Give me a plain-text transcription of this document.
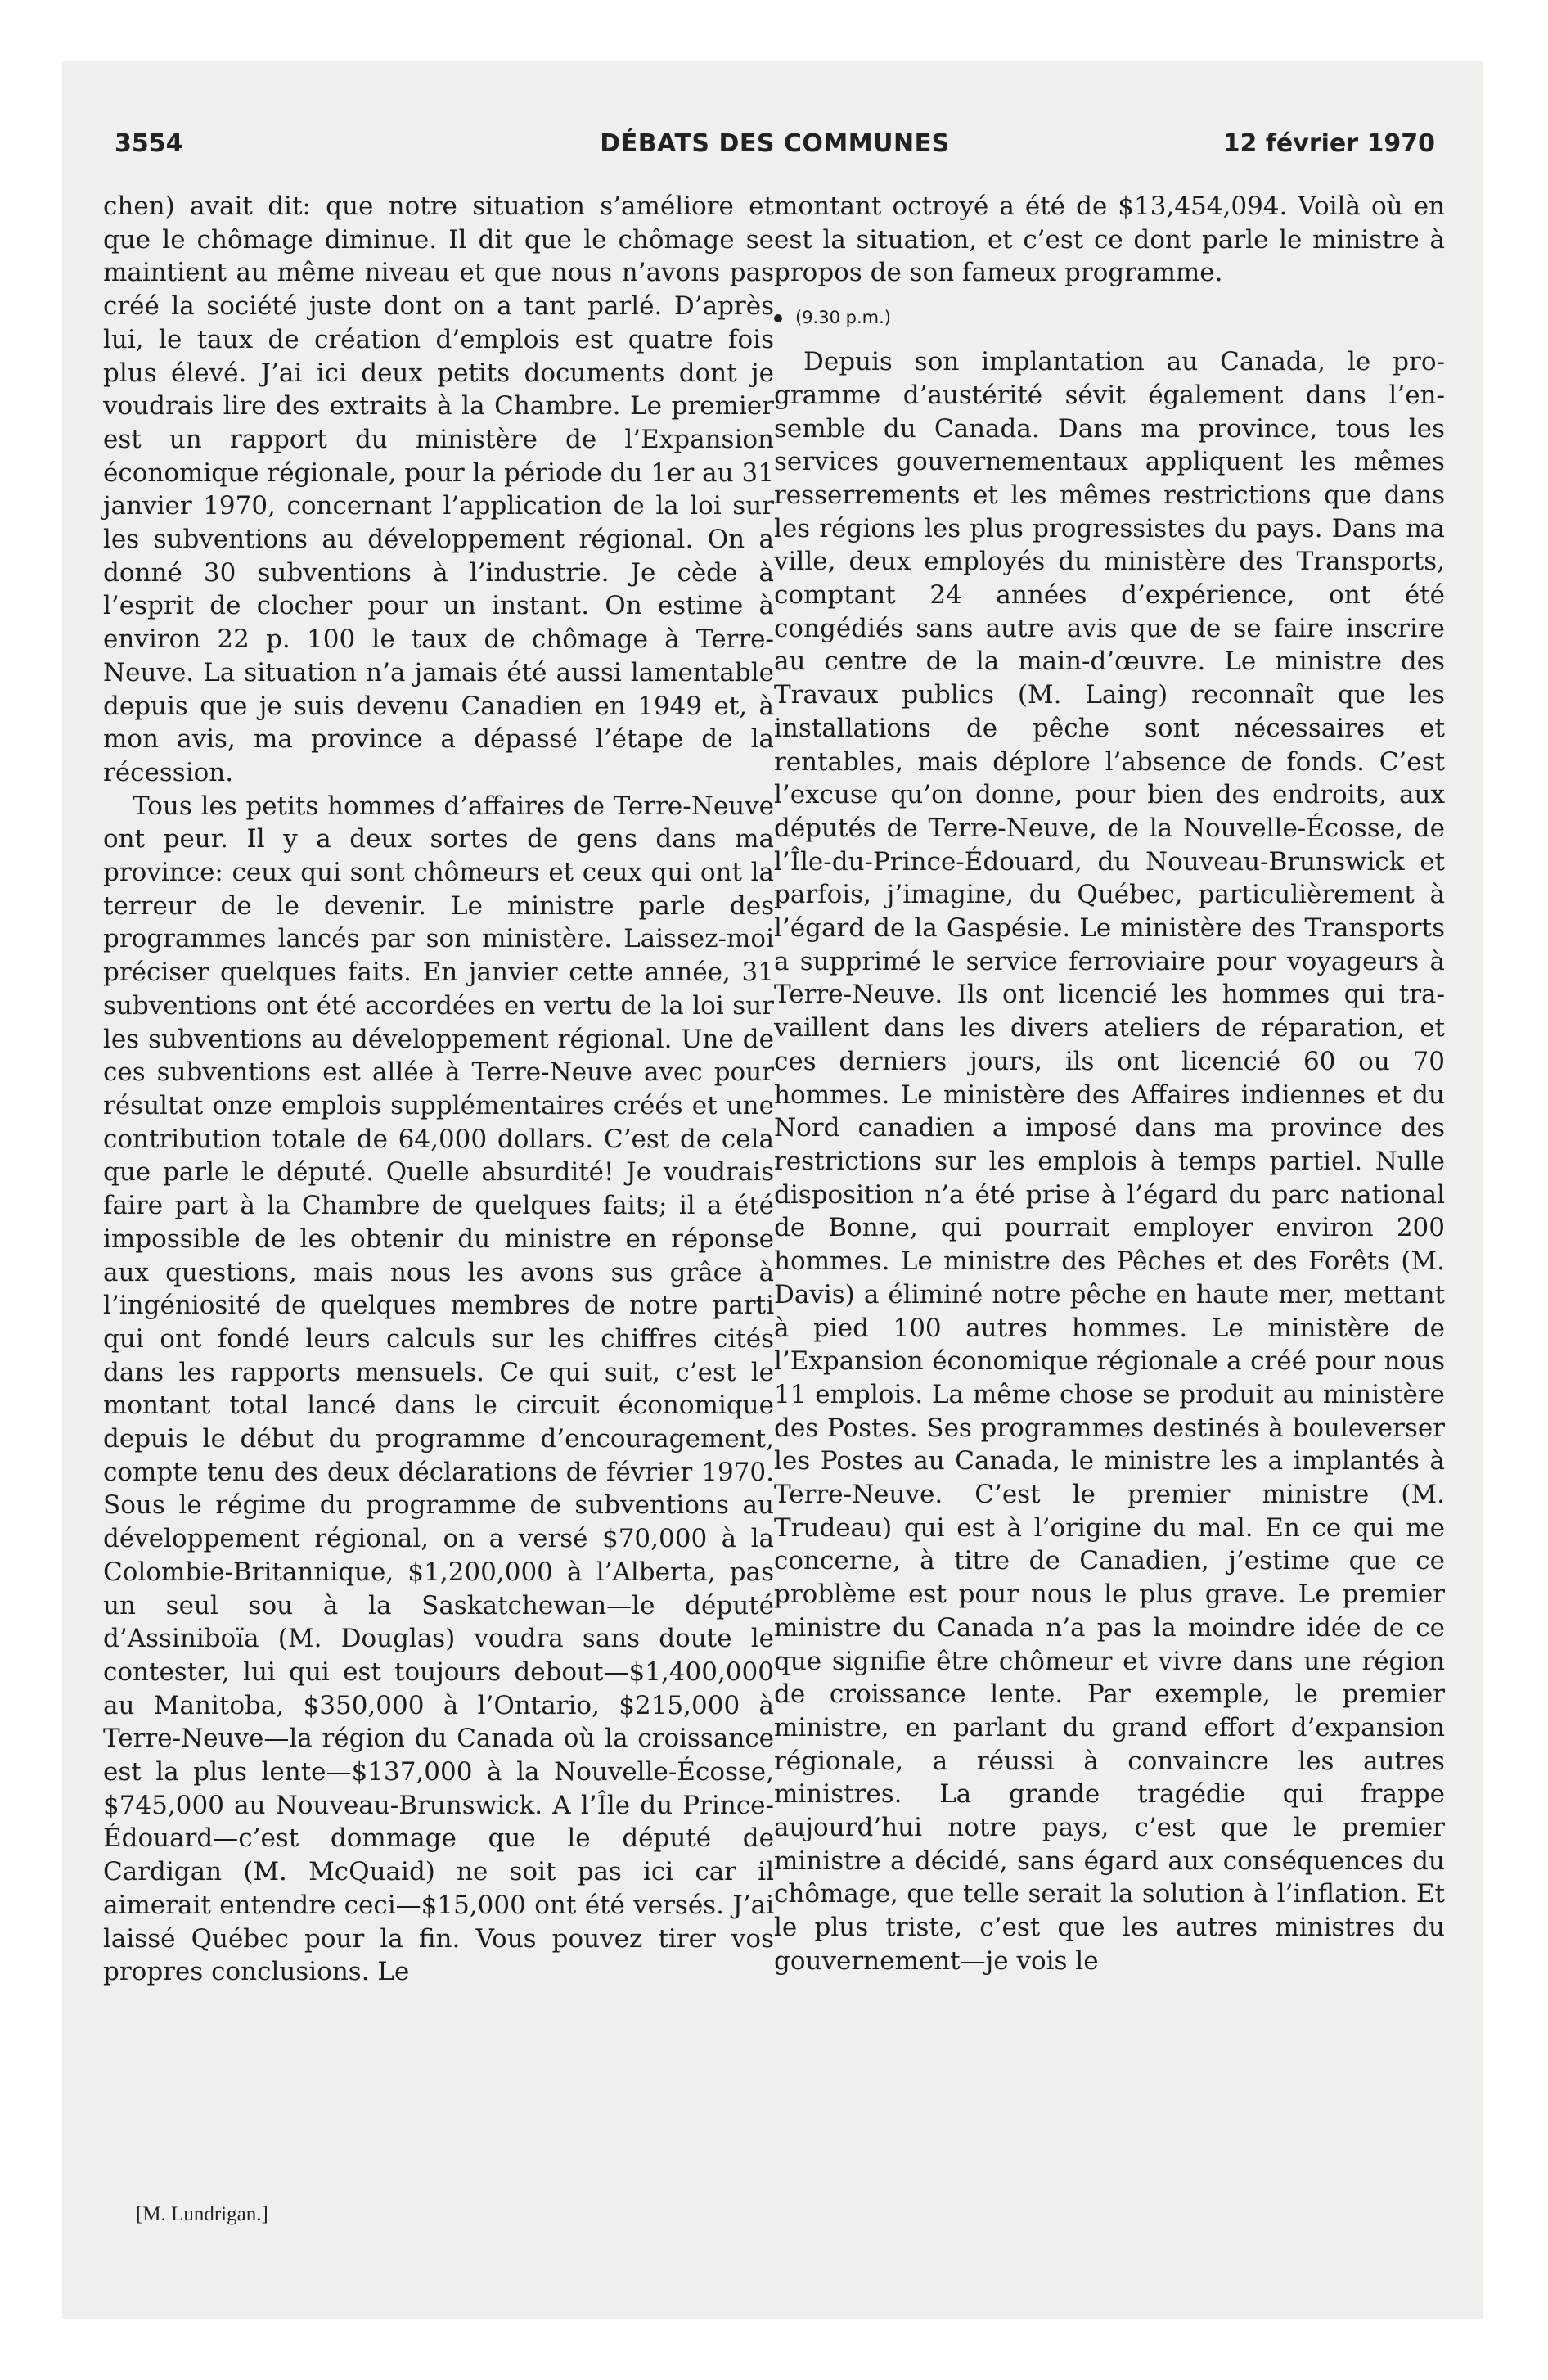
3554	DÉBATS DES COMMUNES	12 février 1970

chen) avait dit: que notre situation s’améliore et que le chômage diminue. Il dit que le chômage se maintient au même niveau et que nous n’avons pas créé la société juste dont on a tant parlé. D’après lui, le taux de création d’emplois est quatre fois plus élevé. J’ai ici deux petits documents dont je voudrais lire des extraits à la Chambre. Le premier est un rapport du ministère de l’Expansion économique régionale, pour la période du 1er au 31 janvier 1970, concernant l’application de la loi sur les subventions au développement régional. On a donné 30 subventions à l’industrie. Je cède à l’esprit de clocher pour un instant. On estime à environ 22 p. 100 le taux de chômage à Terre-Neuve. La situation n’a jamais été aussi lamentable depuis que je suis devenu Canadien en 1949 et, à mon avis, ma province a dépassé l’étape de la récession.

Tous les petits hommes d’affaires de Terre-Neuve ont peur. Il y a deux sortes de gens dans ma province: ceux qui sont chômeurs et ceux qui ont la terreur de le devenir. Le ministre parle des programmes lancés par son ministère. Laissez-moi préciser quelques faits. En janvier cette année, 31 subventions ont été accordées en vertu de la loi sur les subventions au développement régional. Une de ces subventions est allée à Terre-Neuve avec pour résultat onze emplois supplémentaires créés et une contribution totale de 64,000 dollars. C’est de cela que parle le député. Quelle absurdité! Je voudrais faire part à la Chambre de quelques faits; il a été impossible de les obtenir du ministre en réponse aux questions, mais nous les avons sus grâce à l’ingéniosité de quelques membres de notre parti qui ont fondé leurs calculs sur les chiffres cités dans les rapports mensuels. Ce qui suit, c’est le montant total lancé dans le circuit économique depuis le début du programme d’encouragement, compte tenu des deux déclarations de février 1970. Sous le régime du programme de subventions au développement régional, on a versé $70,000 à la Colombie-Britannique, $1,200,000 à l’Alberta, pas un seul sou à la Saskatchewan—le député d’Assiniboïa (M. Douglas) voudra sans doute le contester, lui qui est toujours debout—$1,400,000 au Manitoba, $350,000 à l’Ontario, $215,000 à Terre-Neuve—la région du Canada où la croissance est la plus lente—$137,000 à la Nouvelle-Écosse, $745,000 au Nouveau-Brunswick. A l’Île du Prince-Édouard—c’est dommage que le député de Cardigan (M. McQuaid) ne soit pas ici car il aimerait entendre ceci—$15,000 ont été versés. J’ai laissé Québec pour la fin. Vous pouvez tirer vos propres conclusions. Le

montant octroyé a été de $13,454,094. Voilà où en est la situation, et c’est ce dont parle le ministre à propos de son fameux programme.

(9.30 p.m.)

Depuis son implantation au Canada, le programme d’austérité sévit également dans l’ensemble du Canada. Dans ma province, tous les services gouvernementaux appliquent les mêmes resserrements et les mêmes restrictions que dans les régions les plus progressistes du pays. Dans ma ville, deux employés du ministère des Transports, comptant 24 années d’expérience, ont été congédiés sans autre avis que de se faire inscrire au centre de la main-d’œuvre. Le ministre des Travaux publics (M. Laing) reconnaît que les installations de pêche sont nécessaires et rentables, mais déplore l’absence de fonds. C’est l’excuse qu’on donne, pour bien des endroits, aux députés de Terre-Neuve, de la Nouvelle-Écosse, de l’Île-du-Prince-Édouard, du Nouveau-Brunswick et parfois, j’imagine, du Québec, particulièrement à l’égard de la Gaspésie. Le ministère des Transports a supprimé le service ferroviaire pour voyageurs à Terre-Neuve. Ils ont licencié les hommes qui travaillent dans les divers ateliers de réparation, et ces derniers jours, ils ont licencié 60 ou 70 hommes. Le ministère des Affaires indiennes et du Nord canadien a imposé dans ma province des restrictions sur les emplois à temps partiel. Nulle disposition n’a été prise à l’égard du parc national de Bonne, qui pourrait employer environ 200 hommes. Le ministre des Pêches et des Forêts (M. Davis) a éliminé notre pêche en haute mer, mettant à pied 100 autres hommes. Le ministère de l’Expansion économique régionale a créé pour nous 11 emplois. La même chose se produit au ministère des Postes. Ses programmes destinés à bouleverser les Postes au Canada, le ministre les a implantés à Terre-Neuve. C’est le premier ministre (M. Trudeau) qui est à l’origine du mal. En ce qui me concerne, à titre de Canadien, j’estime que ce problème est pour nous le plus grave. Le premier ministre du Canada n’a pas la moindre idée de ce que signifie être chômeur et vivre dans une région de croissance lente. Par exemple, le premier ministre, en parlant du grand effort d’expansion régionale, a réussi à convaincre les autres ministres. La grande tragédie qui frappe aujourd’hui notre pays, c’est que le premier ministre a décidé, sans égard aux conséquences du chômage, que telle serait la solution à l’inflation. Et le plus triste, c’est que les autres ministres du gouvernement—je vois le

[M. Lundrigan.]
